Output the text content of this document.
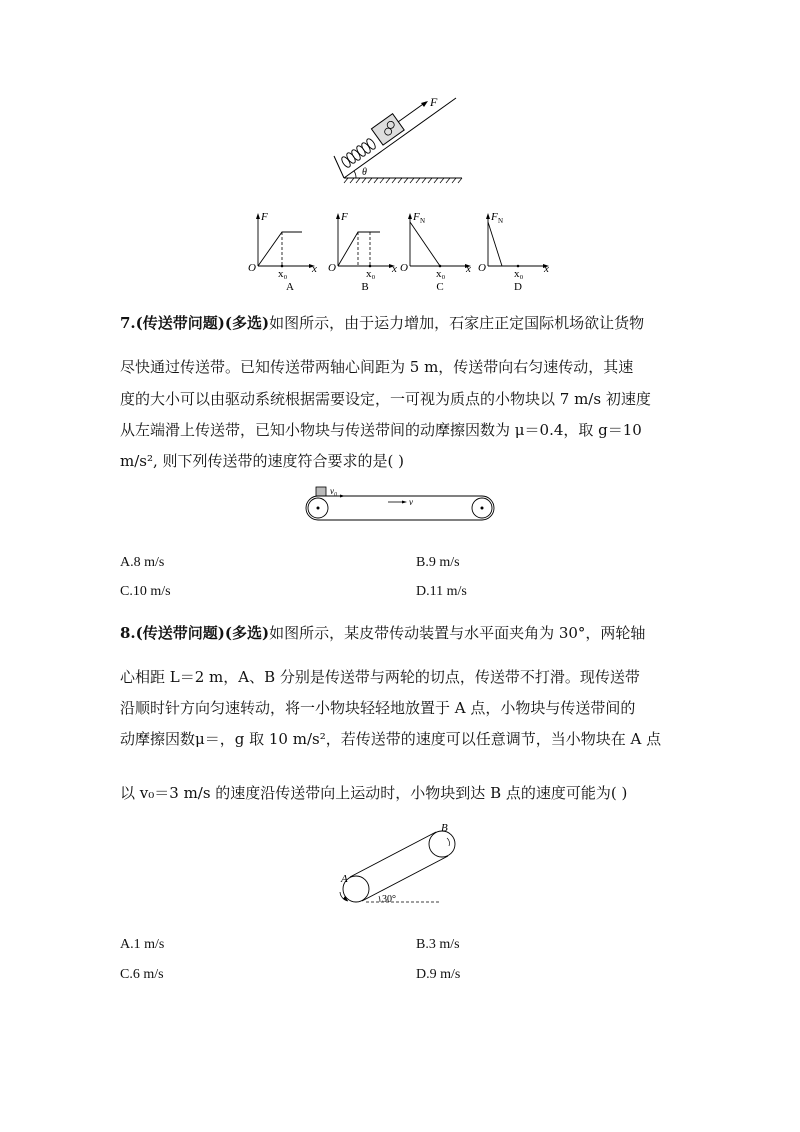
F
θ
F
O	x
x₀
A
F
O	x
x₀
B
F N
O	x
x₀
C
F N
O	x
x₀
D
7.(传送带问题)(多选)如图所示，由于运力增加，石家庄正定国际机场欲让货物
尽快通过传送带。已知传送带两轴心间距为 5 m，传送带向右匀速传动，其速
度的大小可以由驱动系统根据需要设定，一可视为质点的小物块以 7 m/s 初速度
从左端滑上传送带，已知小物块与传送带间的动摩擦因数为 μ＝0.4，取 g＝10
m/s², 则下列传送带的速度符合要求的是( )
v₀
v
A.8 m/s	B.9 m/s
C.10 m/s	D.11 m/s
8.(传送带问题)(多选)如图所示，某皮带传动装置与水平面夹角为 30°，两轮轴
心相距 L＝2 m，A、B 分别是传送带与两轮的切点，传送带不打滑。现传送带
沿顺时针方向匀速转动，将一小物块轻轻地放置于 A 点，小物块与传送带间的
动摩擦因数μ＝，g 取 10 m/s²，若传送带的速度可以任意调节，当小物块在 A 点
以 v₀＝3 m/s 的速度沿传送带向上运动时，小物块到达 B 点的速度可能为( )
A
B
30°
A.1 m/s	B.3 m/s
C.6 m/s	D.9 m/s
